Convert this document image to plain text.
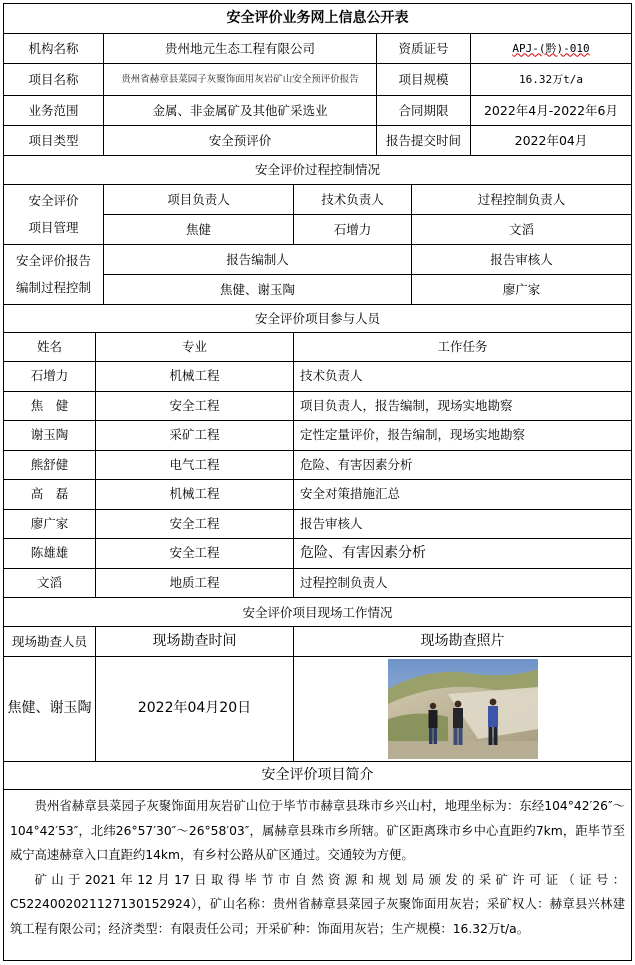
安全评价业务网上信息公开表
机构名称	贵州地元生态工程有限公司	资质证号	APJ-(黔)-010
项目名称	贵州省赫章县菜园子灰聚饰面用灰岩矿山安全预评价报告	项目规模	16.32万t/a
业务范围	金属、非金属矿及其他矿采选业	合同期限	2022年4月-2022年6月
项目类型	安全预评价	报告提交时间	2022年04月
安全评价过程控制情况
安全评价
项目管理
项目负责人	技术负责人	过程控制负责人
焦健	石增力	文滔
安全评价报告
编制过程控制
报告编制人	报告审核人
焦健、谢玉陶	廖广家
安全评价项目参与人员
姓名	专业	工作任务
石增力	机械工程	技术负责人
焦　健	安全工程	项目负责人，报告编制，现场实地勘察
谢玉陶	采矿工程	定性定量评价，报告编制，现场实地勘察
熊舒健	电气工程	危险、有害因素分析
高　磊	机械工程	安全对策措施汇总
廖广家	安全工程	报告审核人
陈雄雄	安全工程	危险、有害因素分析
文滔	地质工程	过程控制负责人
安全评价项目现场工作情况
现场勘查人员	现场勘查时间	现场勘查照片
焦健、谢玉陶	2022年04月20日
安全评价项目简介

贵州省赫章县菜园子灰聚饰面用灰岩矿山位于毕节市赫章县珠市乡兴山村，地理坐标为：东经104°42′26″～104°42′53″，北纬26°57′30″～26°58′03″，属赫章县珠市乡所辖。矿区距离珠市乡中心直距约7km，距毕节至威宁高速赫章入口直距约14km，有乡村公路从矿区通过。交通较为方便。

矿山于2021年12月17日取得毕节市自然资源和规划局颁发的采矿许可证（证号：C5224002021127130152924），矿山名称：贵州省赫章县菜园子灰聚饰面用灰岩；采矿权人：赫章县兴林建筑工程有限公司；经济类型：有限责任公司；开采矿种：饰面用灰岩；生产规模：16.32万t/a。
